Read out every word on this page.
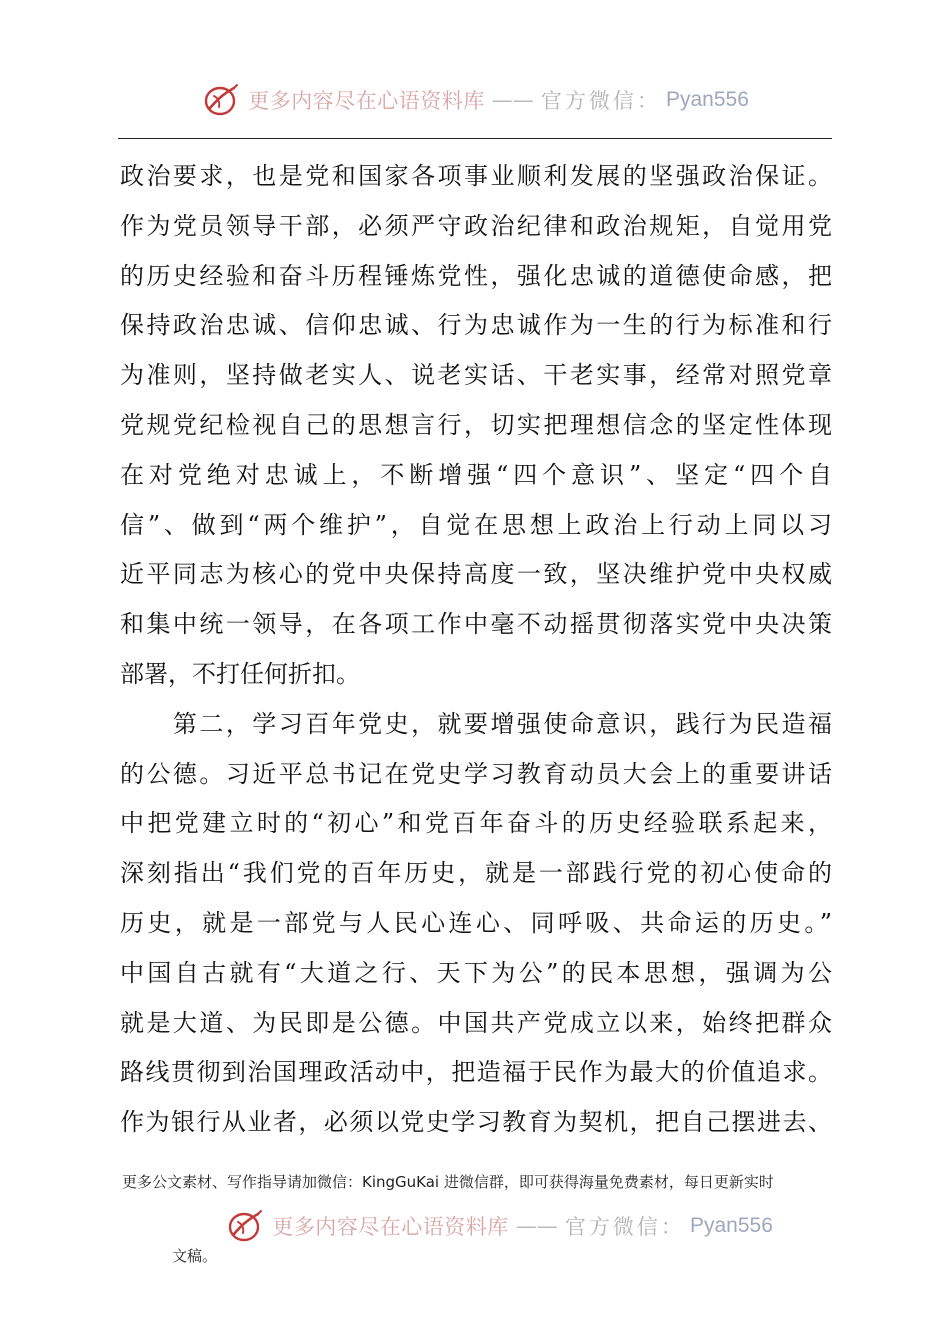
更多内容尽在心语资料库 —— 官方微信： Pyan556
政治要求，也是党和国家各项事业顺利发展的坚强政治保证。
作为党员领导干部，必须严守政治纪律和政治规矩，自觉用党
的历史经验和奋斗历程锤炼党性，强化忠诚的道德使命感，把
保持政治忠诚、信仰忠诚、行为忠诚作为一生的行为标准和行
为准则，坚持做老实人、说老实话、干老实事，经常对照党章
党规党纪检视自己的思想言行，切实把理想信念的坚定性体现
在对党绝对忠诚上，不断增强“四个意识”、坚定“四个自
信”、做到“两个维护”，自觉在思想上政治上行动上同以习
近平同志为核心的党中央保持高度一致，坚决维护党中央权威
和集中统一领导，在各项工作中毫不动摇贯彻落实党中央决策
部署，不打任何折扣。
　　第二，学习百年党史，就要增强使命意识，践行为民造福
的公德。习近平总书记在党史学习教育动员大会上的重要讲话
中把党建立时的“初心”和党百年奋斗的历史经验联系起来，
深刻指出“我们党的百年历史，就是一部践行党的初心使命的
历史，就是一部党与人民心连心、同呼吸、共命运的历史。”
中国自古就有“大道之行、天下为公”的民本思想，强调为公
就是大道、为民即是公德。中国共产党成立以来，始终把群众
路线贯彻到治国理政活动中，把造福于民作为最大的价值追求。
作为银行从业者，必须以党史学习教育为契机，把自己摆进去、
更多公文素材、写作指导请加微信：KingGuKai 进微信群，即可获得海量免费素材，每日更新实时
更多内容尽在心语资料库 —— 官方微信： Pyan556
文稿。
